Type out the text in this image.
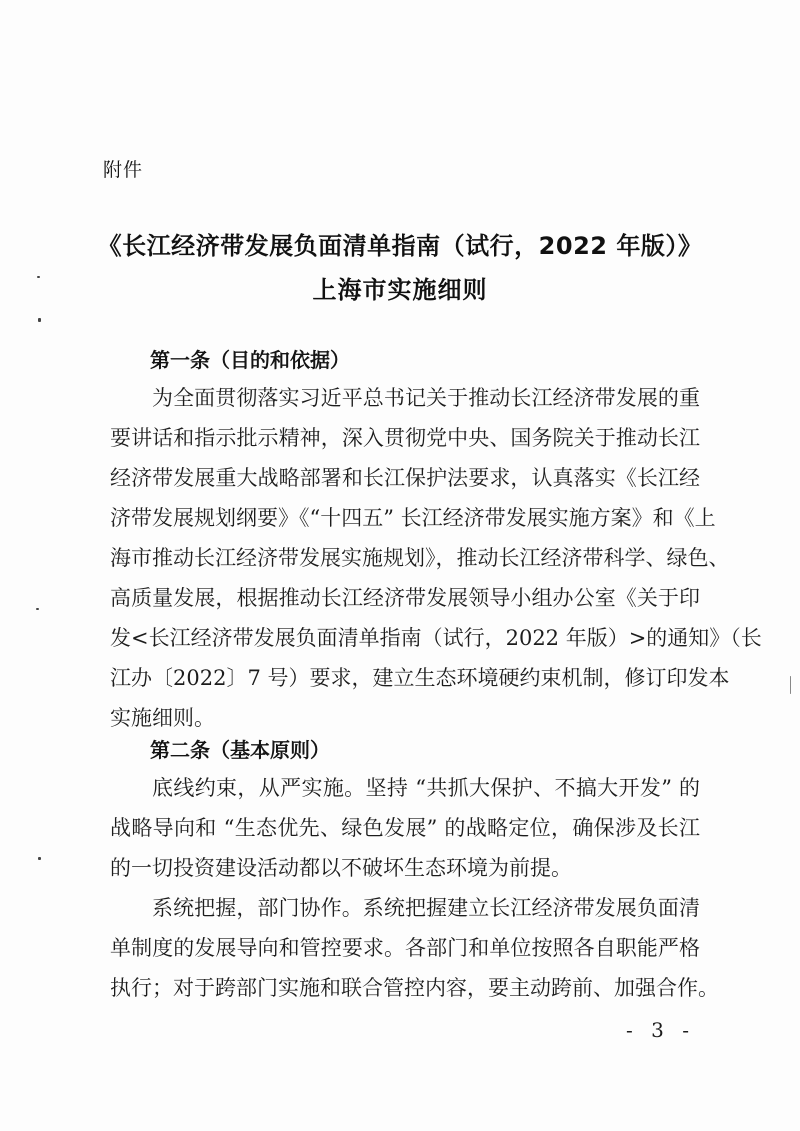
附件
《长江经济带发展负面清单指南（试行，2022 年版）》
上海市实施细则
第一条（目的和依据）
为全面贯彻落实习近平总书记关于推动长江经济带发展的重
要讲话和指示批示精神，深入贯彻党中央、国务院关于推动长江
经济带发展重大战略部署和长江保护法要求，认真落实《长江经
济带发展规划纲要》《“十四五” 长江经济带发展实施方案》和《上
海市推动长江经济带发展实施规划》，推动长江经济带科学、绿色、
高质量发展，根据推动长江经济带发展领导小组办公室《关于印
发<长江经济带发展负面清单指南（试行，2022 年版）>的通知》（长
江办〔2022〕7 号）要求，建立生态环境硬约束机制，修订印发本
实施细则。
第二条（基本原则）
底线约束，从严实施。坚持 “共抓大保护、不搞大开发” 的
战略导向和 “生态优先、绿色发展” 的战略定位，确保涉及长江
的一切投资建设活动都以不破坏生态环境为前提。
系统把握，部门协作。系统把握建立长江经济带发展负面清
单制度的发展导向和管控要求。各部门和单位按照各自职能严格
执行；对于跨部门实施和联合管控内容，要主动跨前、加强合作。
- 3 -
